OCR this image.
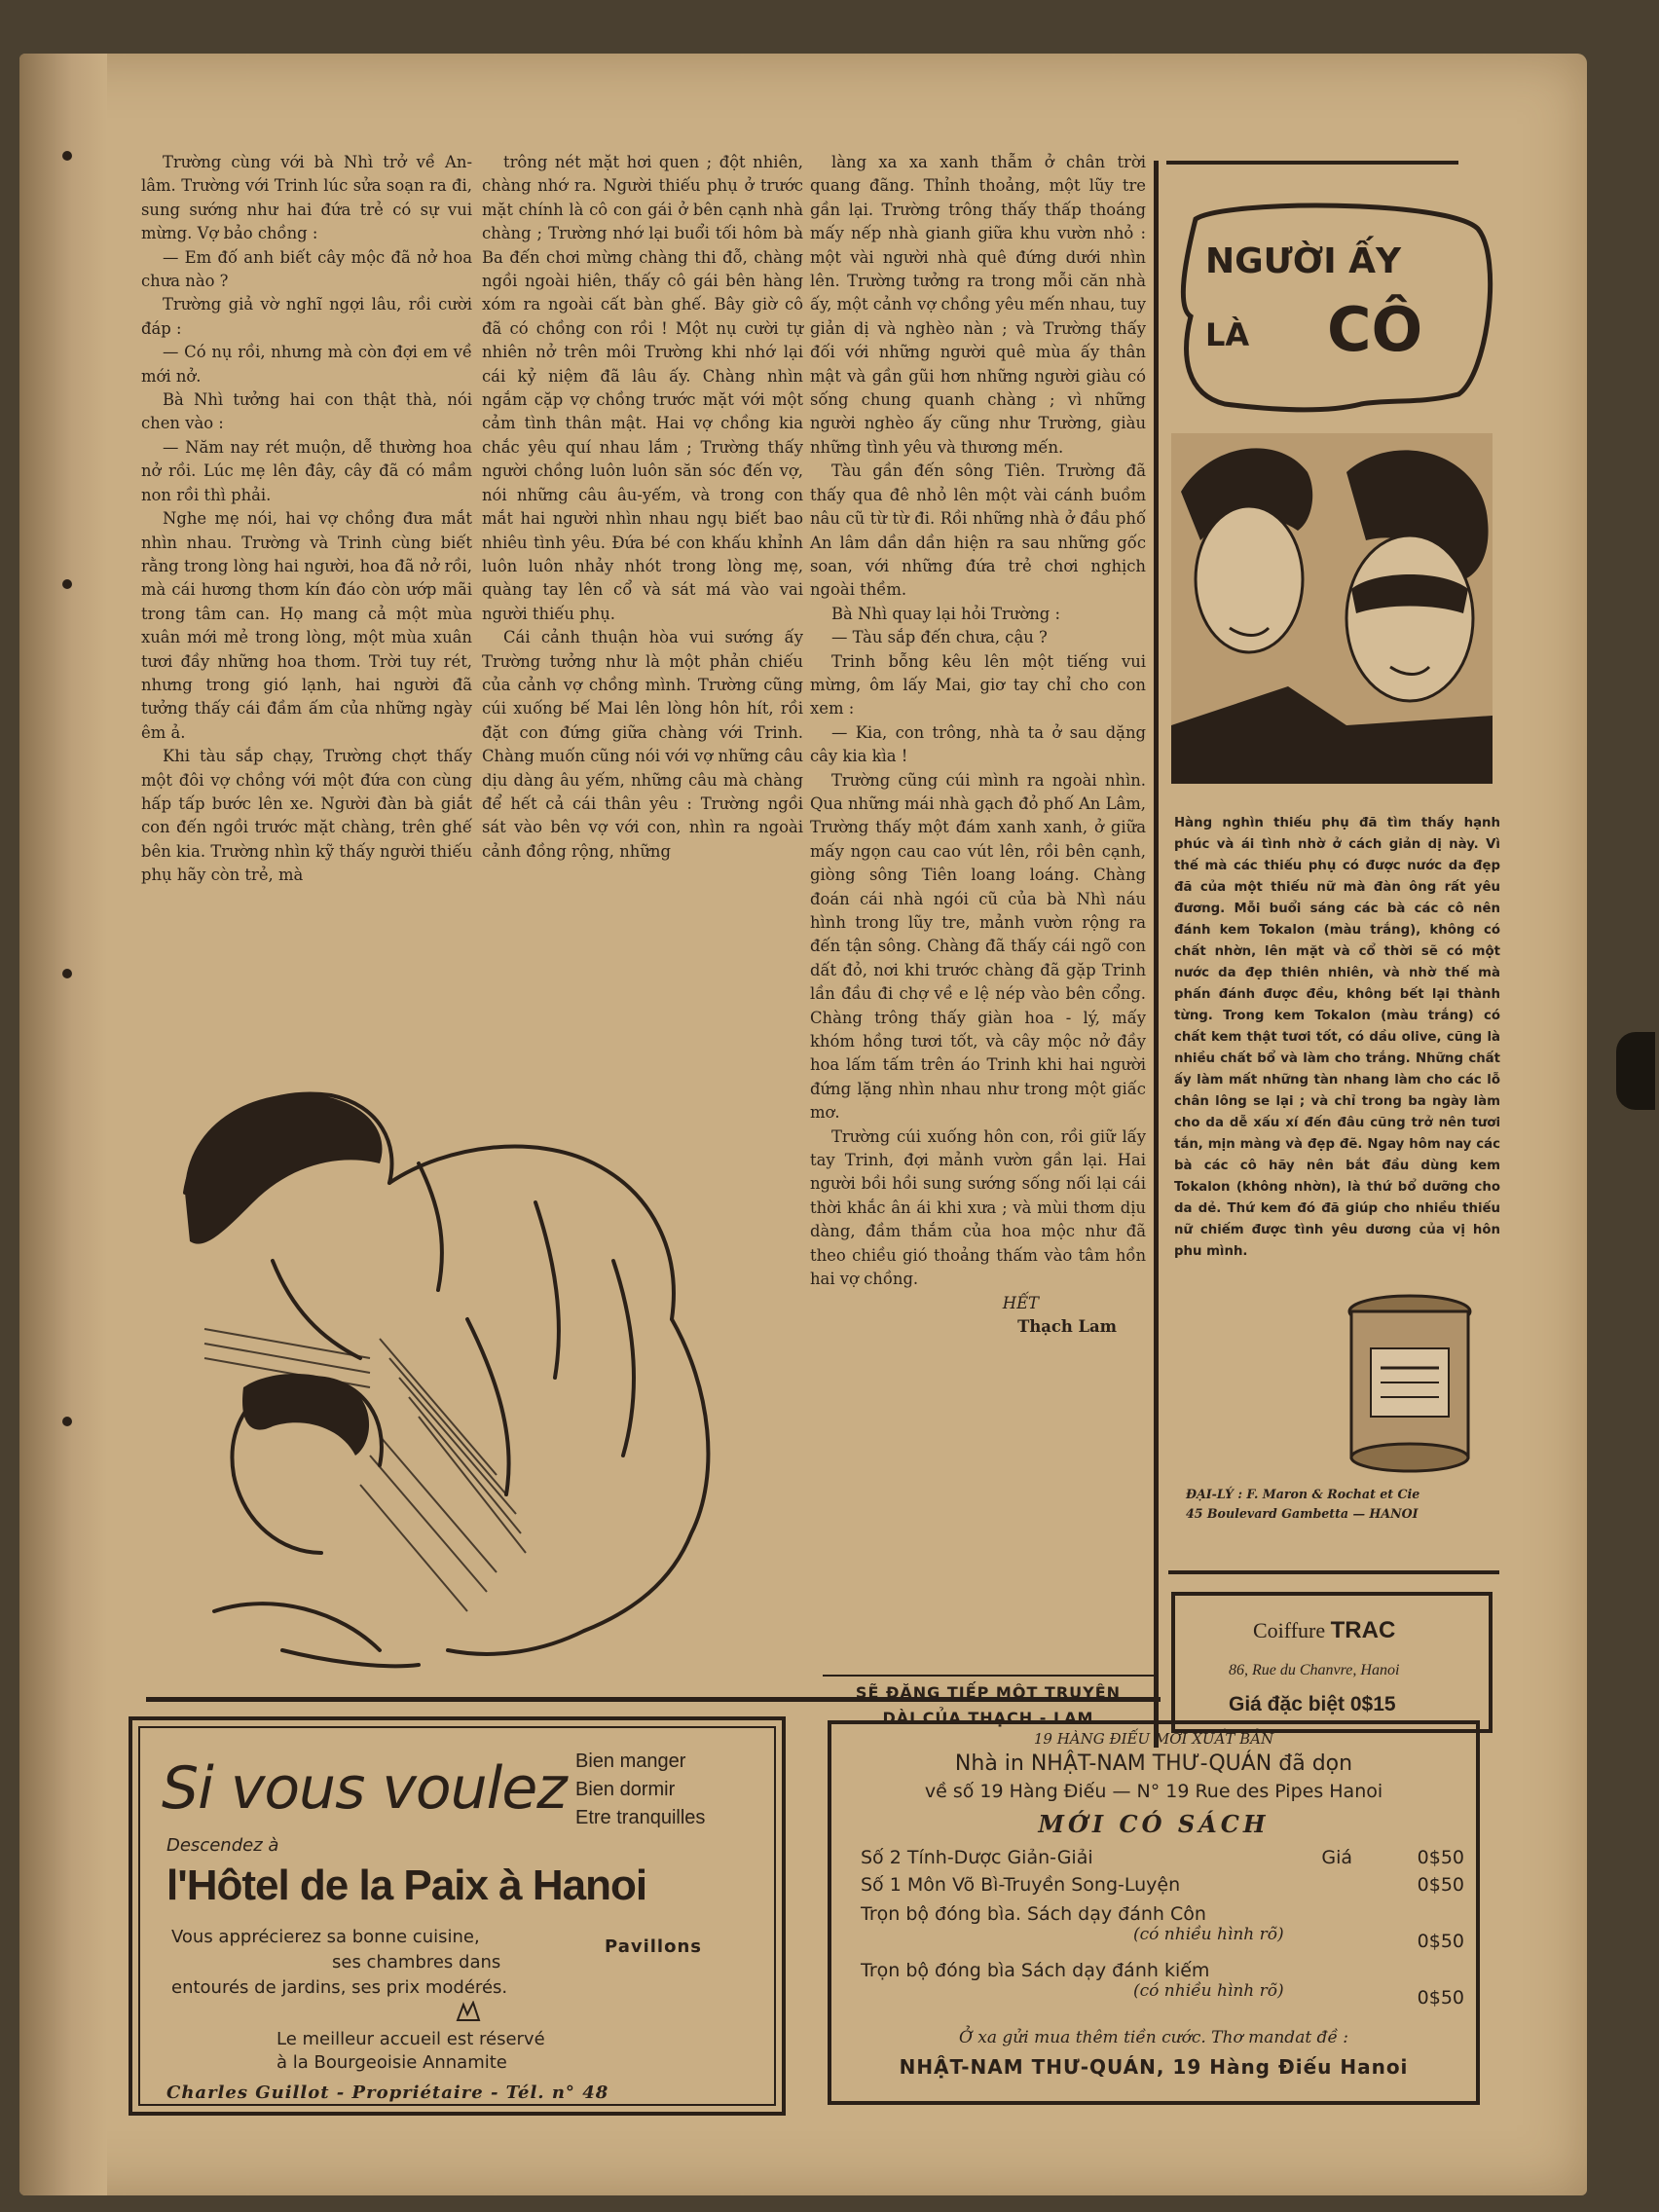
Trường cùng với bà Nhì trở về An-lâm. Trường với Trinh lúc sửa soạn ra đi, sung sướng như hai đứa trẻ có sự vui mừng. Vợ bảo chồng :

— Em đố anh biết cây mộc đã nở hoa chưa nào ?

Trường giả vờ nghĩ ngợi lâu, rồi cười đáp :

— Có nụ rồi, nhưng mà còn đợi em về mới nở.

Bà Nhì tưởng hai con thật thà, nói chen vào :

— Năm nay rét muộn, dễ thường hoa nở rồi. Lúc mẹ lên đây, cây đã có mầm non rồi thì phải.

Nghe mẹ nói, hai vợ chồng đưa mắt nhìn nhau. Trường và Trinh cùng biết rằng trong lòng hai người, hoa đã nở rồi, mà cái hương thơm kín đáo còn ướp mãi trong tâm can. Họ mang cả một mùa xuân mới mẻ trong lòng, một mùa xuân tươi đầy những hoa thơm. Trời tuy rét, nhưng trong gió lạnh, hai người đã tưởng thấy cái đầm ấm của những ngày êm ả.

Khi tàu sắp chạy, Trường chợt thấy một đôi vợ chồng với một đứa con cùng hấp tấp bước lên xe. Người đàn bà giắt con đến ngồi trước mặt chàng, trên ghế bên kia. Trường nhìn kỹ thấy người thiếu phụ hãy còn trẻ, mà

trông nét mặt hơi quen ; đột nhiên, chàng nhớ ra. Người thiếu phụ ở trước mặt chính là cô con gái ở bên cạnh nhà chàng ; Trường nhớ lại buổi tối hôm bà Ba đến chơi mừng chàng thi đỗ, chàng ngồi ngoài hiên, thấy cô gái bên hàng xóm ra ngoài cất bàn ghế. Bây giờ cô đã có chồng con rồi ! Một nụ cười tự nhiên nở trên môi Trường khi nhớ lại cái kỷ niệm đã lâu ấy. Chàng nhìn ngắm cặp vợ chồng trước mặt với một cảm tình thân mật. Hai vợ chồng kia chắc yêu quí nhau lắm ; Trường thấy người chồng luôn luôn săn sóc đến vợ, nói những câu âu-yếm, và trong con mắt hai người nhìn nhau ngụ biết bao nhiêu tình yêu. Đứa bé con khấu khỉnh luôn luôn nhảy nhót trong lòng mẹ, quàng tay lên cổ và sát má vào vai người thiếu phụ.

Cái cảnh thuận hòa vui sướng ấy Trường tưởng như là một phản chiếu của cảnh vợ chồng mình. Trường cũng cúi xuống bế Mai lên lòng hôn hít, rồi đặt con đứng giữa chàng với Trinh. Chàng muốn cũng nói với vợ những câu dịu dàng âu yếm, những câu mà chàng để hết cả cái thân yêu : Trường ngồi sát vào bên vợ với con, nhìn ra ngoài cảnh đồng rộng, những

làng xa xa xanh thẫm ở chân trời quang đãng. Thỉnh thoảng, một lũy tre gần lại. Trường trông thấy thấp thoáng mấy nếp nhà gianh giữa khu vườn nhỏ : một vài người nhà quê đứng dưới nhìn lên. Trường tưởng ra trong mỗi căn nhà ấy, một cảnh vợ chồng yêu mến nhau, tuy giản dị và nghèo nàn ; và Trường thấy đối với những người quê mùa ấy thân mật và gần gũi hơn những người giàu có sống chung quanh chàng ; vì những người nghèo ấy cũng như Trường, giàu những tình yêu và thương mến.

Tàu gần đến sông Tiên. Trường đã thấy qua đê nhỏ lên một vài cánh buồm nâu cũ từ từ đi. Rồi những nhà ở đầu phố An lâm dần dần hiện ra sau những gốc soan, với những đứa trẻ chơi nghịch ngoài thềm.

Bà Nhì quay lại hỏi Trường :

— Tàu sắp đến chưa, cậu ?

Trinh bỗng kêu lên một tiếng vui mừng, ôm lấy Mai, giơ tay chỉ cho con xem :

— Kia, con trông, nhà ta ở sau dặng cây kia kìa !

Trường cũng cúi mình ra ngoài nhìn. Qua những mái nhà gạch đỏ phố An Lâm, Trường thấy một đám xanh xanh, ở giữa mấy ngọn cau cao vút lên, rồi bên cạnh, giòng sông Tiên loang loáng. Chàng đoán cái nhà ngói cũ của bà Nhì náu hình trong lũy tre, mảnh vườn rộng ra đến tận sông. Chàng đã thấy cái ngõ con dất đỏ, nơi khi trước chàng đã gặp Trinh lần đầu đi chợ về e lệ nép vào bên cổng. Chàng trông thấy giàn hoa - lý, mấy khóm hồng tươi tốt, và cây mộc nở đầy hoa lấm tấm trên áo Trinh khi hai người đứng lặng nhìn nhau như trong một giấc mơ.

Trường cúi xuống hôn con, rồi giữ lấy tay Trinh, đợi mảnh vườn gần lại. Hai người bồi hồi sung sướng sống nối lại cái thời khắc ân ái khi xưa ; và mùi thơm dịu dàng, đầm thắm của hoa mộc như đã theo chiều gió thoảng thấm vào tâm hồn hai vợ chồng.

HẾT
Thạch Lam
SẼ ĐĂNG TIẾP MỘT TRUYỆN
DÀI CỦA THẠCH - LAM
NGƯỜI ẤY
LÀ CÔ
Hàng nghìn thiếu phụ đã tìm thấy hạnh phúc và ái tình nhờ ở cách giản dị này. Vì thế mà các thiếu phụ có được nước da đẹp đã của một thiếu nữ mà đàn ông rất yêu đương. Mỗi buổi sáng các bà các cô nên đánh kem Tokalon (màu trắng), không có chất nhờn, lên mặt và cổ thời sẽ có một nước da đẹp thiên nhiên, và nhờ thế mà phấn đánh được đều, không bết lại thành từng. Trong kem Tokalon (màu trắng) có chất kem thật tươi tốt, có dầu olive, cũng là nhiều chất bổ và làm cho trắng. Những chất ấy làm mất những tàn nhang làm cho các lỗ chân lông se lại ; và chỉ trong ba ngày làm cho da dễ xấu xí đến đâu cũng trở nên tươi tắn, mịn màng và đẹp đẽ. Ngay hôm nay các bà các cô hãy nên bắt đầu dùng kem Tokalon (không nhờn), là thứ bổ dưỡng cho da dẻ. Thứ kem đó đã giúp cho nhiều thiếu nữ chiếm được tình yêu dương của vị hôn phu mình.
ĐẠI-LÝ : F. Maron & Rochat et Cie
45 Boulevard Gambetta — HANOI
Coiffure TRAC
86, Rue du Chanvre, Hanoi
Giá đặc biệt 0$15
Si vous voulez Bien manger
Bien dormir
Etre tranquilles
Descendez à
l'Hôtel de la Paix à Hanoi
Vous apprécierez sa bonne cuisine,
ses chambres dans
entourés de jardins, ses prix modérés.
Pavillons
Le meilleur accueil est réservé
à la Bourgeoisie Annamite
Charles Guillot - Propriétaire - Tél. n° 48
19 HÀNG ĐIẾU MỚI XUẤT BẢN
Nhà in NHẬT-NAM THƯ-QUÁN đã dọn
về số 19 Hàng Điếu — N° 19 Rue des Pipes Hanoi
MỚI CÓ SÁCH
Số 2 Tính-Dược Giản-Giải	Giá	0$50
Số 1 Môn Võ Bì-Truyền Song-Luyện	0$50
Trọn bộ đóng bìa. Sách dạy đánh Côn
(có nhiều hình rõ)	0$50
Trọn bộ đóng bìa Sách dạy đánh kiếm
(có nhiều hình rõ)	0$50
Ở xa gửi mua thêm tiền cước. Thơ mandat đề :
NHẬT-NAM THƯ-QUÁN, 19 Hàng Điếu Hanoi
